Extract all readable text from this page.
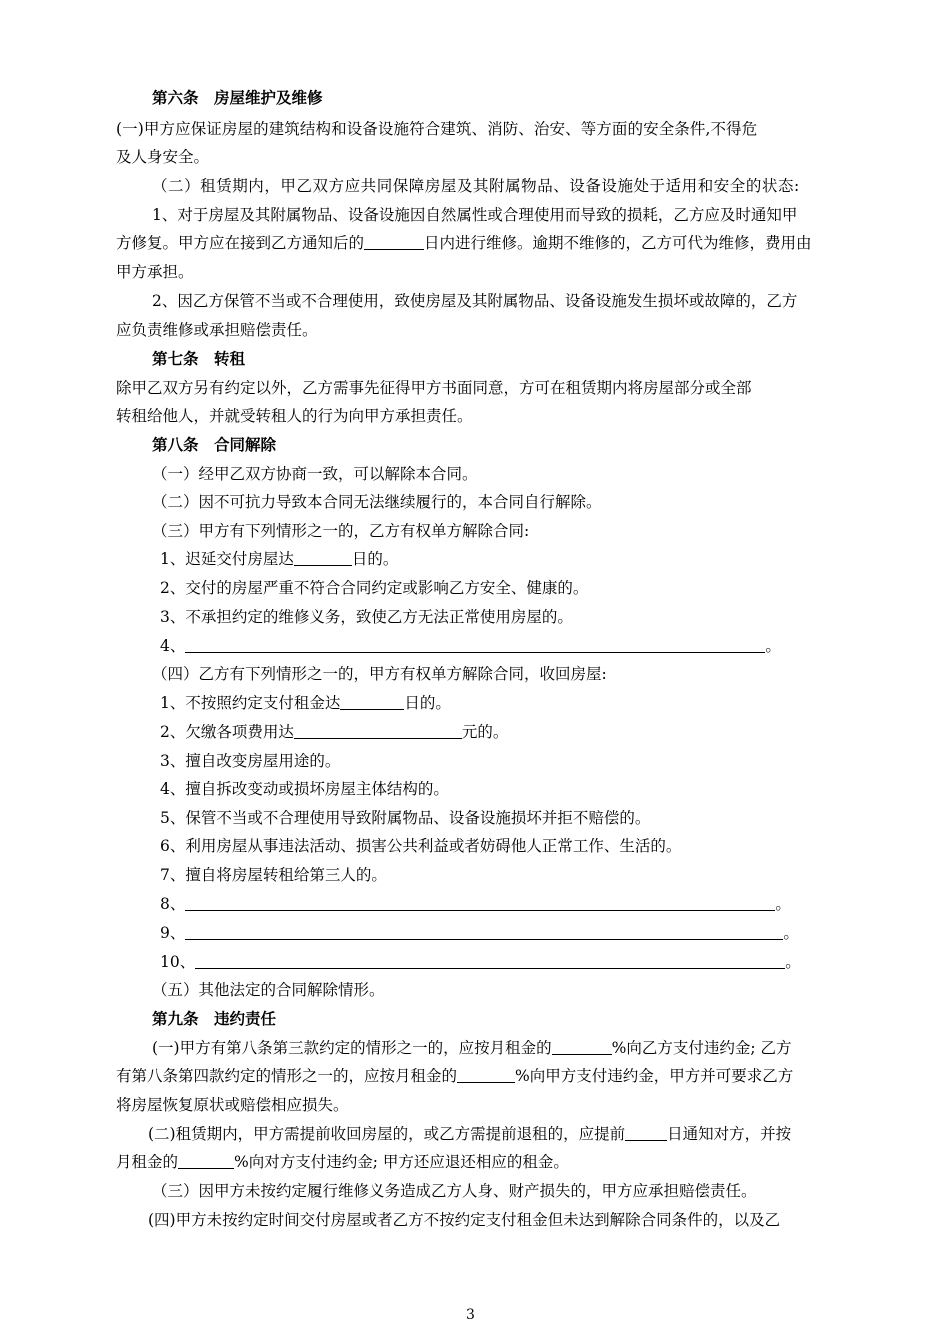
第六条　房屋维护及维修
(一)甲方应保证房屋的建筑结构和设备设施符合建筑、消防、治安、等方面的安全条件,不得危
及人身安全。
（二）租赁期内，甲乙双方应共同保障房屋及其附属物品、设备设施处于适用和安全的状态:
1、对于房屋及其附属物品、设备设施因自然属性或合理使用而导致的损耗，乙方应及时通知甲
方修复。甲方应在接到乙方通知后的	日内进行维修。逾期不维修的，乙方可代为维修，费用由
甲方承担。
2、因乙方保管不当或不合理使用，致使房屋及其附属物品、设备设施发生损坏或故障的，乙方
应负责维修或承担赔偿责任。
第七条　转租
除甲乙双方另有约定以外，乙方需事先征得甲方书面同意，方可在租赁期内将房屋部分或全部
转租给他人，并就受转租人的行为向甲方承担责任。
第八条　合同解除
（一）经甲乙双方协商一致，可以解除本合同。
（二）因不可抗力导致本合同无法继续履行的，本合同自行解除。
（三）甲方有下列情形之一的，乙方有权单方解除合同:
1、迟延交付房屋达	日的。
2、交付的房屋严重不符合合同约定或影响乙方安全、健康的。
3、不承担约定的维修义务，致使乙方无法正常使用房屋的。
4、	。
（四）乙方有下列情形之一的，甲方有权单方解除合同，收回房屋:
1、不按照约定支付租金达	日的。
2、欠缴各项费用达	元的。
3、擅自改变房屋用途的。
4、擅自拆改变动或损坏房屋主体结构的。
5、保管不当或不合理使用导致附属物品、设备设施损坏并拒不赔偿的。
6、利用房屋从事违法活动、损害公共利益或者妨碍他人正常工作、生活的。
7、擅自将房屋转租给第三人的。
8、	。
9、	。
10、	。
（五）其他法定的合同解除情形。
第九条　违约责任
(一)甲方有第八条第三款约定的情形之一的，应按月租金的	%向乙方支付违约金; 乙方
有第八条第四款约定的情形之一的，应按月租金的	%向甲方支付违约金，甲方并可要求乙方
将房屋恢复原状或赔偿相应损失。
(二)租赁期内，甲方需提前收回房屋的，或乙方需提前退租的，应提前	日通知对方，并按
月租金的	%向对方支付违约金; 甲方还应退还相应的租金。
（三）因甲方未按约定履行维修义务造成乙方人身、财产损失的，甲方应承担赔偿责任。
(四)甲方未按约定时间交付房屋或者乙方不按约定支付租金但未达到解除合同条件的，以及乙
3
